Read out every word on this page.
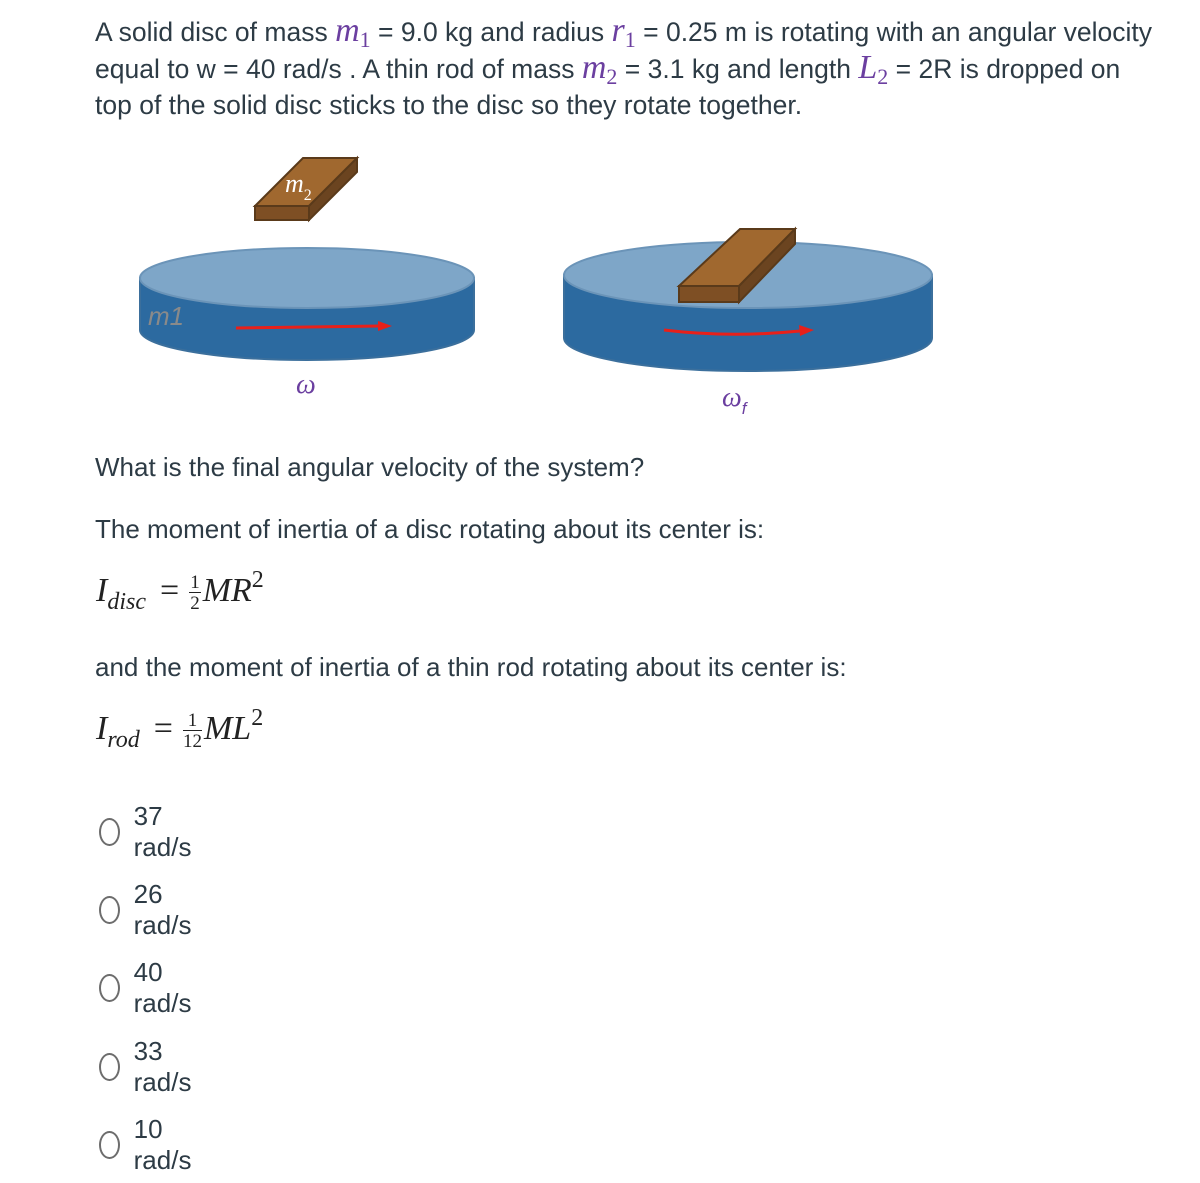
A solid disc of mass m1 = 9.0 kg and radius r1 = 0.25 m is rotating with an angular velocity equal to w = 40 rad/s . A thin rod of mass m2 = 3.1 kg and length L2 = 2R is dropped on top of the solid disc sticks to the disc so they rotate together.
m1
ω
$m_2$
$\omega_f$
What is the final angular velocity of the system?
The moment of inertia of a disc rotating about its center is:
Idisc = $\frac{1}{2} MR2$
and the moment of inertia of a thin rod rotating about its center is:
Irod = $\frac{1}{12} ML2$
37 rad/s
26 rad/s
40 rad/s
33 rad/s
10 rad/s
